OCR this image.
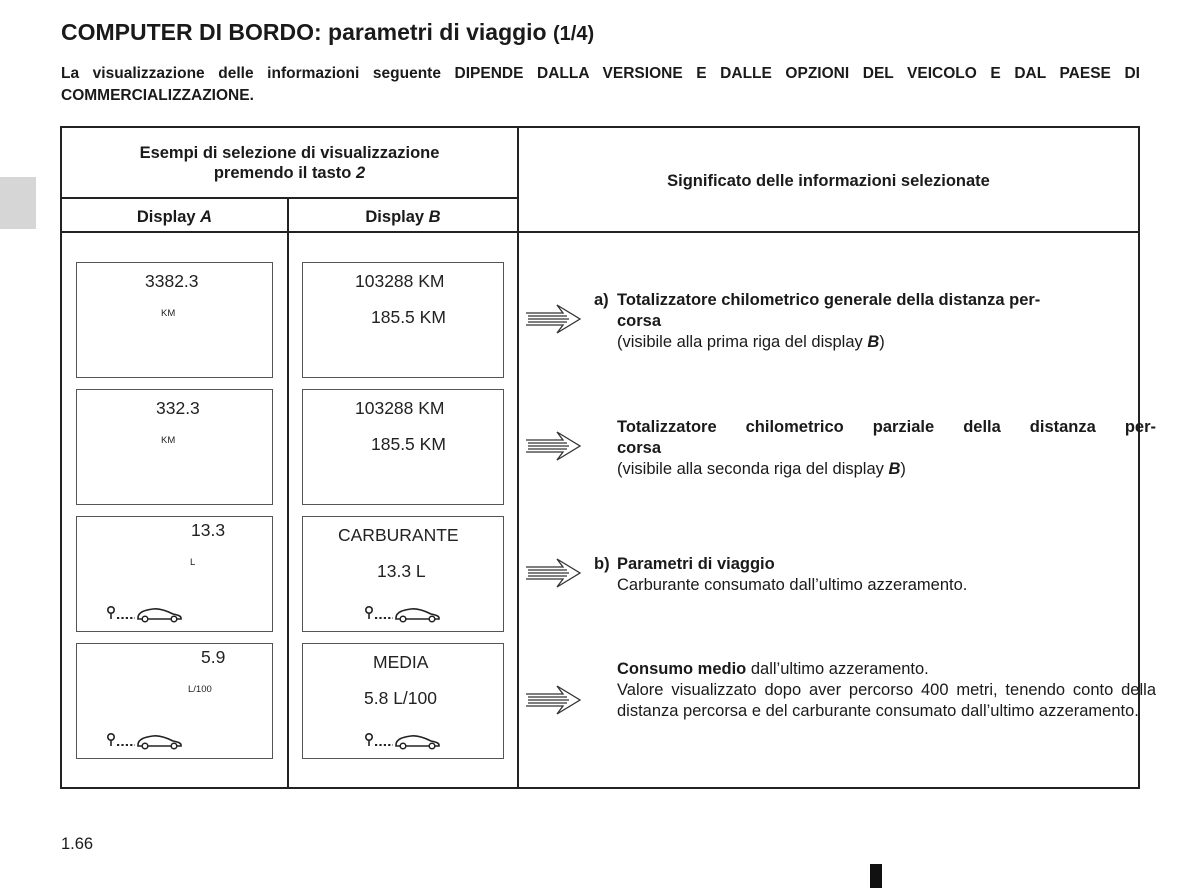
COMPUTER DI BORDO: parametri di viaggio (1/4)

La visualizzazione delle informazioni seguente DIPENDE DALLA VERSIONE E DALLE OPZIONI DEL VEICOLO E DAL PAESE DI COMMERCIALIZZAZIONE.

Esempi di selezione di visualizzazione
premendo il tasto 2	Significato delle informazioni selezionate
Display A	Display B
3382.3
KM
332.3
KM
13.3
L
5.9
L/100
103288 KM
185.5 KM
103288 KM
185.5 KM
CARBURANTE
13.3 L
MEDIA
5.8 L/100
a) Totalizzatore chilometrico generale della distanza per-
corsa
(visibile alla prima riga del display B)
Totalizzatore chilometrico parziale della distanza per-
corsa
(visibile alla seconda riga del display B)
b) Parametri di viaggio
Carburante consumato dall’ultimo azzeramento.
Consumo medio dall’ultimo azzeramento.
Valore visualizzato dopo aver percorso 400 metri, tenendo conto della distanza percorsa e del carburante consumato dall’ultimo azzeramento.
1.66
